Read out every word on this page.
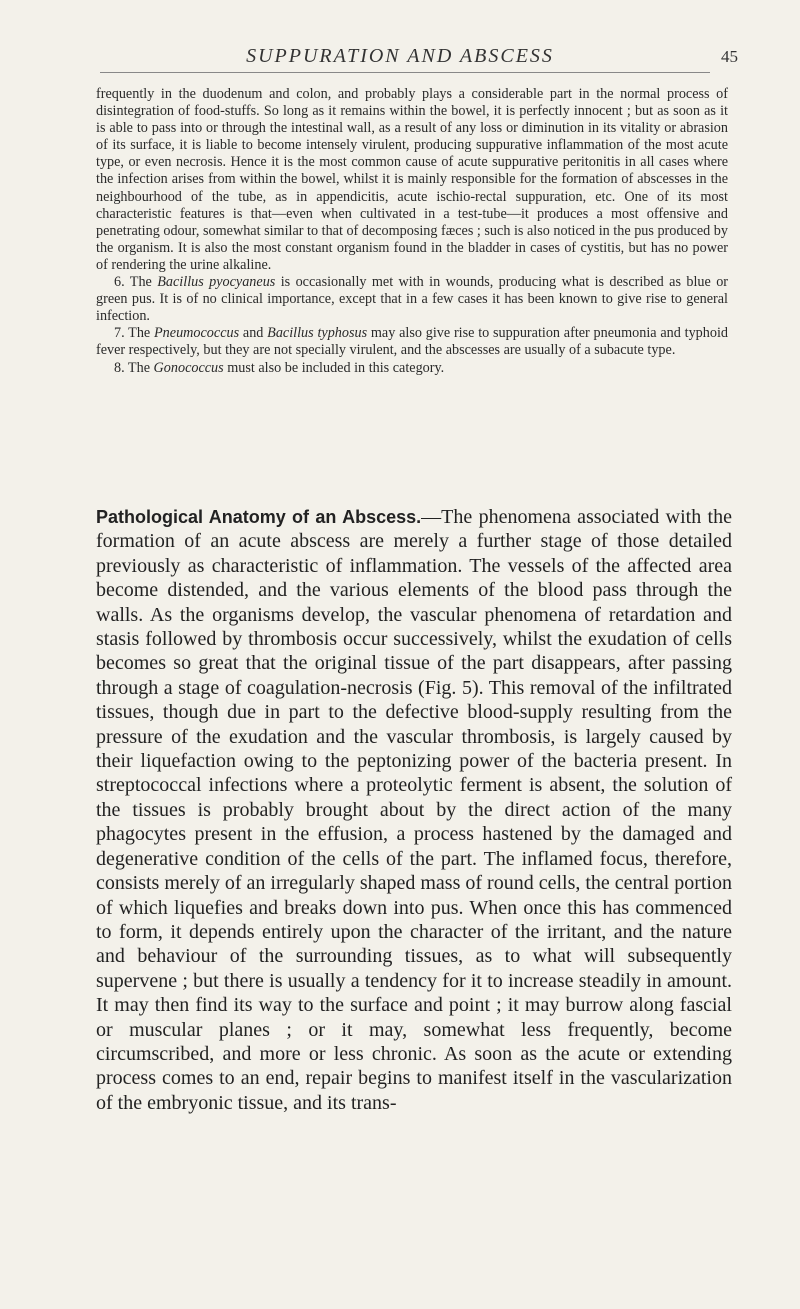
SUPPURATION AND ABSCESS	45

frequently in the duodenum and colon, and probably plays a considerable part in the normal process of disintegration of food-stuffs. So long as it remains within the bowel, it is perfectly innocent ; but as soon as it is able to pass into or through the intestinal wall, as a result of any loss or diminution in its vitality or abrasion of its surface, it is liable to become intensely virulent, producing suppurative inflammation of the most acute type, or even necrosis. Hence it is the most common cause of acute suppurative peritonitis in all cases where the infection arises from within the bowel, whilst it is mainly responsible for the formation of abscesses in the neighbourhood of the tube, as in appendicitis, acute ischio-rectal suppuration, etc. One of its most characteristic features is that—even when cultivated in a test-tube—it produces a most offensive and penetrating odour, somewhat similar to that of decomposing fæces ; such is also noticed in the pus produced by the organism. It is also the most constant organism found in the bladder in cases of cystitis, but has no power of rendering the urine alkaline.

6. The Bacillus pyocyaneus is occasionally met with in wounds, producing what is described as blue or green pus. It is of no clinical importance, except that in a few cases it has been known to give rise to general infection.

7. The Pneumococcus and Bacillus typhosus may also give rise to suppuration after pneumonia and typhoid fever respectively, but they are not specially virulent, and the abscesses are usually of a subacute type.

8. The Gonococcus must also be included in this category.

Pathological Anatomy of an Abscess.—The phenomena associated with the formation of an acute abscess are merely a further stage of those detailed previously as characteristic of inflammation. The vessels of the affected area become distended, and the various elements of the blood pass through the walls. As the organisms develop, the vascular phenomena of retardation and stasis followed by thrombosis occur successively, whilst the exudation of cells becomes so great that the original tissue of the part disappears, after passing through a stage of coagulation-necrosis (Fig. 5). This removal of the infiltrated tissues, though due in part to the defective blood-supply resulting from the pressure of the exudation and the vascular thrombosis, is largely caused by their liquefaction owing to the peptonizing power of the bacteria present. In streptococcal infections where a proteolytic ferment is absent, the solution of the tissues is probably brought about by the direct action of the many phagocytes present in the effusion, a process hastened by the damaged and degenerative condition of the cells of the part. The inflamed focus, therefore, consists merely of an irregularly shaped mass of round cells, the central portion of which liquefies and breaks down into pus. When once this has commenced to form, it depends entirely upon the character of the irritant, and the nature and behaviour of the surrounding tissues, as to what will subsequently supervene ; but there is usually a tendency for it to increase steadily in amount. It may then find its way to the surface and point ; it may burrow along fascial or muscular planes ; or it may, somewhat less frequently, become circumscribed, and more or less chronic. As soon as the acute or extending process comes to an end, repair begins to manifest itself in the vascularization of the embryonic tissue, and its trans-
